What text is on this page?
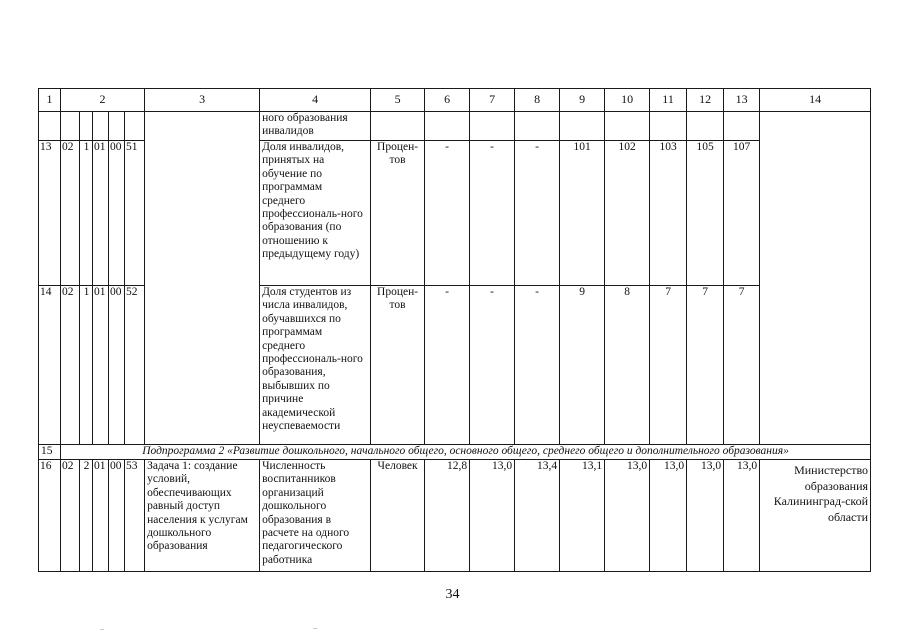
1	2					3	4	5	6	7	8	9	10	11	12	13	14
							ного образования инвалидов										
13	02	1	01	00	51		Доля инвалидов, принятых на обучение по программам среднего профессиональ-ного образования (по отношению к предыдущему году)	Процен-тов	-	-	-	101	102	103	105	107	
14	02	1	01	00	52		Доля студентов из числа инвалидов, обучавшихся по программам среднего профессиональ-ного образования, выбывших по причине академической неуспеваемости	Процен-тов	-	-	-	9	8	7	7	7	
15	Подпрограмма 2 «Развитие дошкольного, начального общего, основного общего, среднего общего и дополнительного образования»																
16	02	2	01	00	53	Задача 1: создание условий, обеспечивающих равный доступ населения к услугам дошкольного образования	Численность воспитанников организаций дошкольного образования в расчете на одного педагогического работника	Человек	12,8	13,0	13,4	13,1	13,0	13,0	13,0	13,0	Министерство образования Калининград-ской области
34
